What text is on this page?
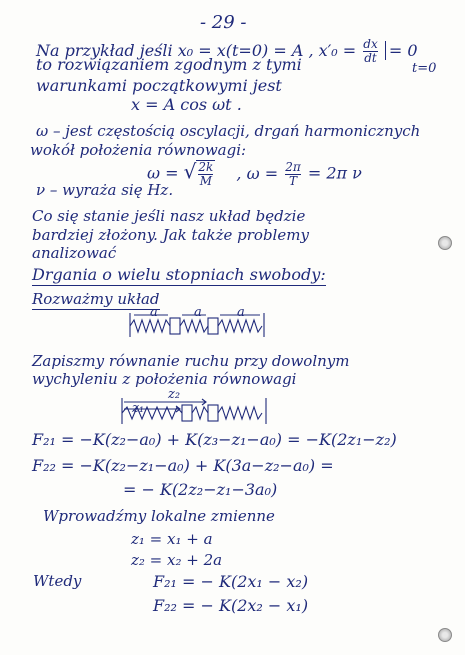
- 29 -
Na przykład jeśli x₀ = x(t=0) = A , $x'_0 = \frac{dx}{dt} = 0$
t=0
to rozwiązaniem zgodnym z tymi
warunkami początkowymi jest
x = A cos ωt .
ω – jest częstością oscylacji, drgań harmonicznych
wokół położenia równowagi:
ω = √ $\frac{2k}{M}$ , $\omega = \frac{2\pi}{T} = 2\pi$ ν
ν – wyraża się Hz.
Co się stanie jeśli nasz układ będzie
bardziej złożony. Jak także problemy
analizować
Drgania o wielu stopniach swobody:
Rozważmy układ
a	a	a
Zapiszmy równanie ruchu przy dowolnym
wychyleniu z położenia równowagi
z₂
z₁
F₂₁ = −K(z₂−a₀) + K(z₃−z₁−a₀) = −K(2z₁−z₂)
F₂₂ = −K(z₂−z₁−a₀) + K(3a−z₂−a₀) =
= − K(2z₂−z₁−3a₀)
Wprowadźmy lokalne zmienne
z₁ = x₁ + a
z₂ = x₂ + 2a
Wtedy	F₂₁ = − K(2x₁ − x₂)
F₂₂ = − K(2x₂ − x₁)
